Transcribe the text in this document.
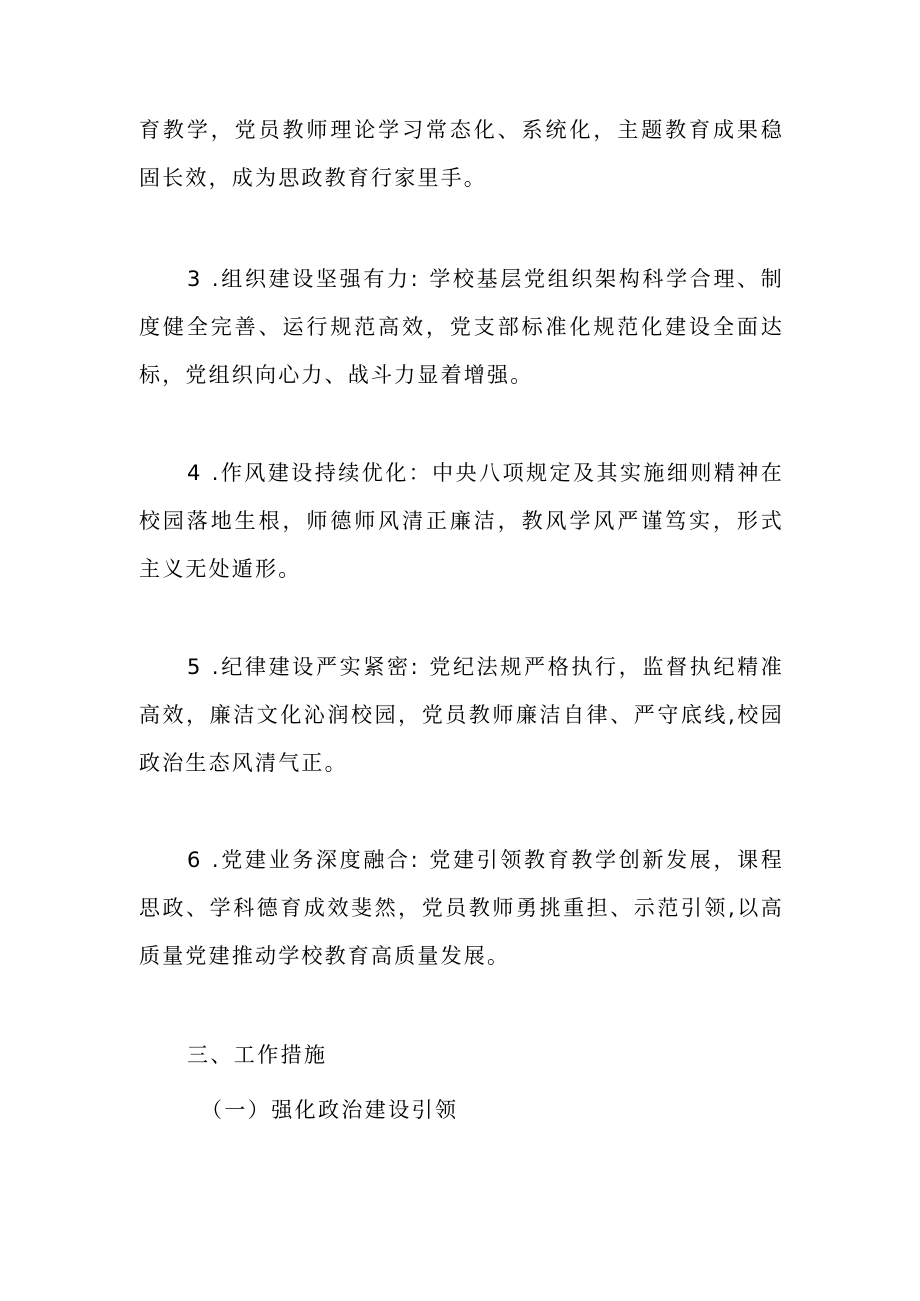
育教学，党员教师理论学习常态化、系统化，主题教育成果稳固长效，成为思政教育行家里手。

3 .组织建设坚强有力: 学校基层党组织架构科学合理、制度健全完善、运行规范高效，党支部标准化规范化建设全面达标，党组织向心力、战斗力显着增强。

4 .作风建设持续优化：中央八项规定及其实施细则精神在校园落地生根，师德师风清正廉洁，教风学风严谨笃实，形式主义无处遁形。

5 .纪律建设严实紧密: 党纪法规严格执行，监督执纪精准高效，廉洁文化沁润校园，党员教师廉洁自律、严守底线,校园政治生态风清气正。

6 .党建业务深度融合: 党建引领教育教学创新发展，课程思政、学科德育成效斐然，党员教师勇挑重担、示范引领,以高质量党建推动学校教育高质量发展。

三、工作措施
（一）强化政治建设引领
